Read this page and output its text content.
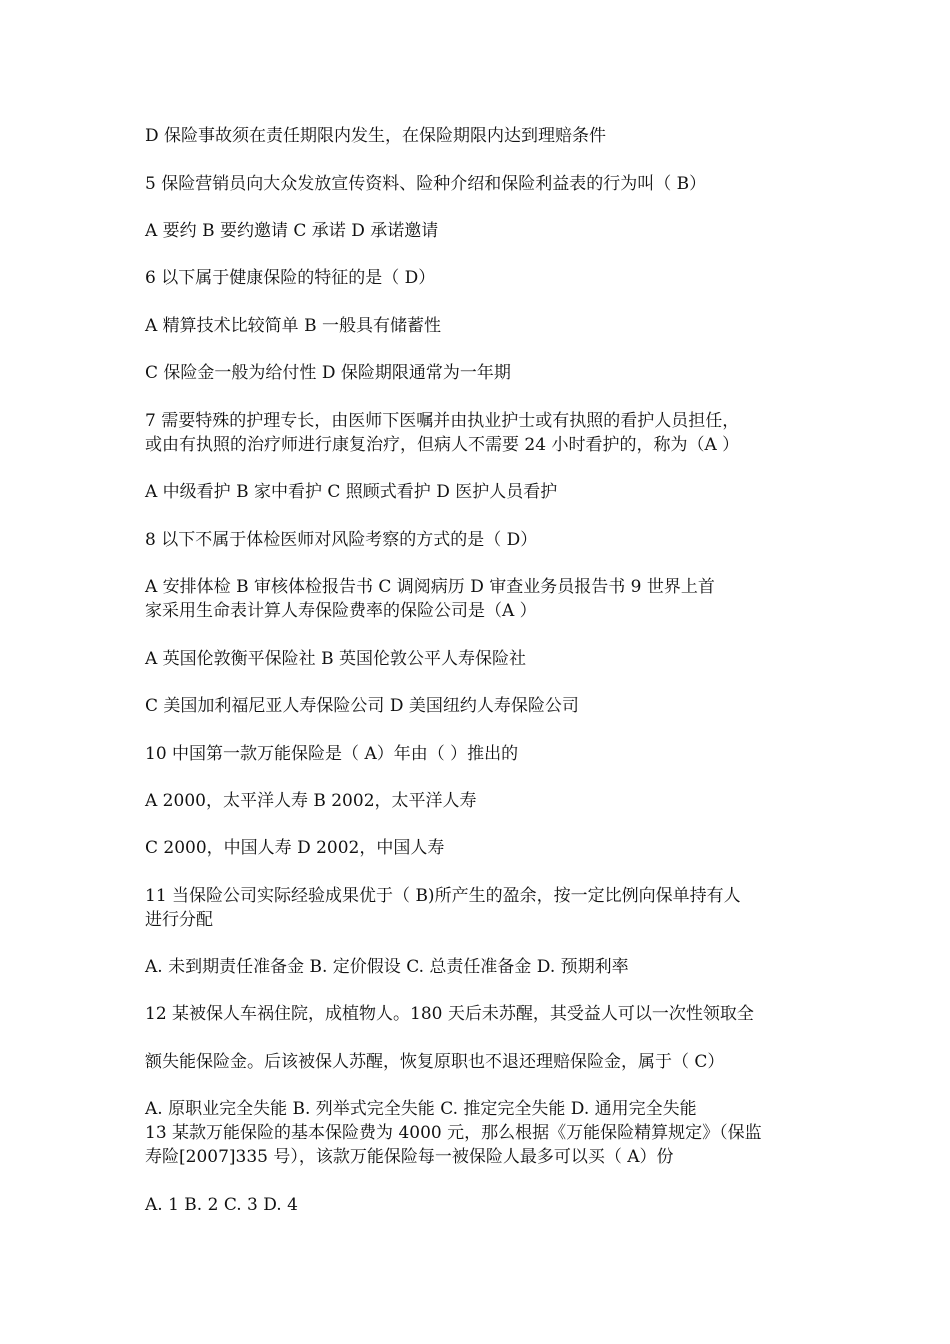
D 保险事故须在责任期限内发生，在保险期限内达到理赔条件
5 保险营销员向大众发放宣传资料、险种介绍和保险利益表的行为叫（ B）
A 要约 B 要约邀请 C 承诺 D 承诺邀请
6 以下属于健康保险的特征的是（ D）
A 精算技术比较简单 B 一般具有储蓄性
C 保险金一般为给付性 D 保险期限通常为一年期
7 需要特殊的护理专长，由医师下医嘱并由执业护士或有执照的看护人员担任，
或由有执照的治疗师进行康复治疗，但病人不需要 24 小时看护的，称为（A ）
A 中级看护 B 家中看护 C 照顾式看护 D 医护人员看护
8 以下不属于体检医师对风险考察的方式的是（ D）
A 安排体检 B 审核体检报告书 C 调阅病历 D 审查业务员报告书 9 世界上首
家采用生命表计算人寿保险费率的保险公司是（A ）
A 英国伦敦衡平保险社 B 英国伦敦公平人寿保险社
C 美国加利福尼亚人寿保险公司 D 美国纽约人寿保险公司
10 中国第一款万能保险是（ A）年由（ ）推出的
A 2000，太平洋人寿 B 2002，太平洋人寿
C 2000，中国人寿 D 2002，中国人寿
11 当保险公司实际经验成果优于（ B)所产生的盈余，按一定比例向保单持有人
进行分配
A. 未到期责任准备金 B. 定价假设 C. 总责任准备金 D. 预期利率
12 某被保人车祸住院，成植物人。180 天后未苏醒，其受益人可以一次性领取全
额失能保险金。后该被保人苏醒，恢复原职也不退还理赔保险金，属于（ C）
A. 原职业完全失能 B. 列举式完全失能 C. 推定完全失能 D. 通用完全失能
13 某款万能保险的基本保险费为 4000 元，那么根据《万能保险精算规定》（保监
寿险[2007]335 号），该款万能保险每一被保险人最多可以买（ A）份
A. 1 B. 2 C. 3 D. 4
